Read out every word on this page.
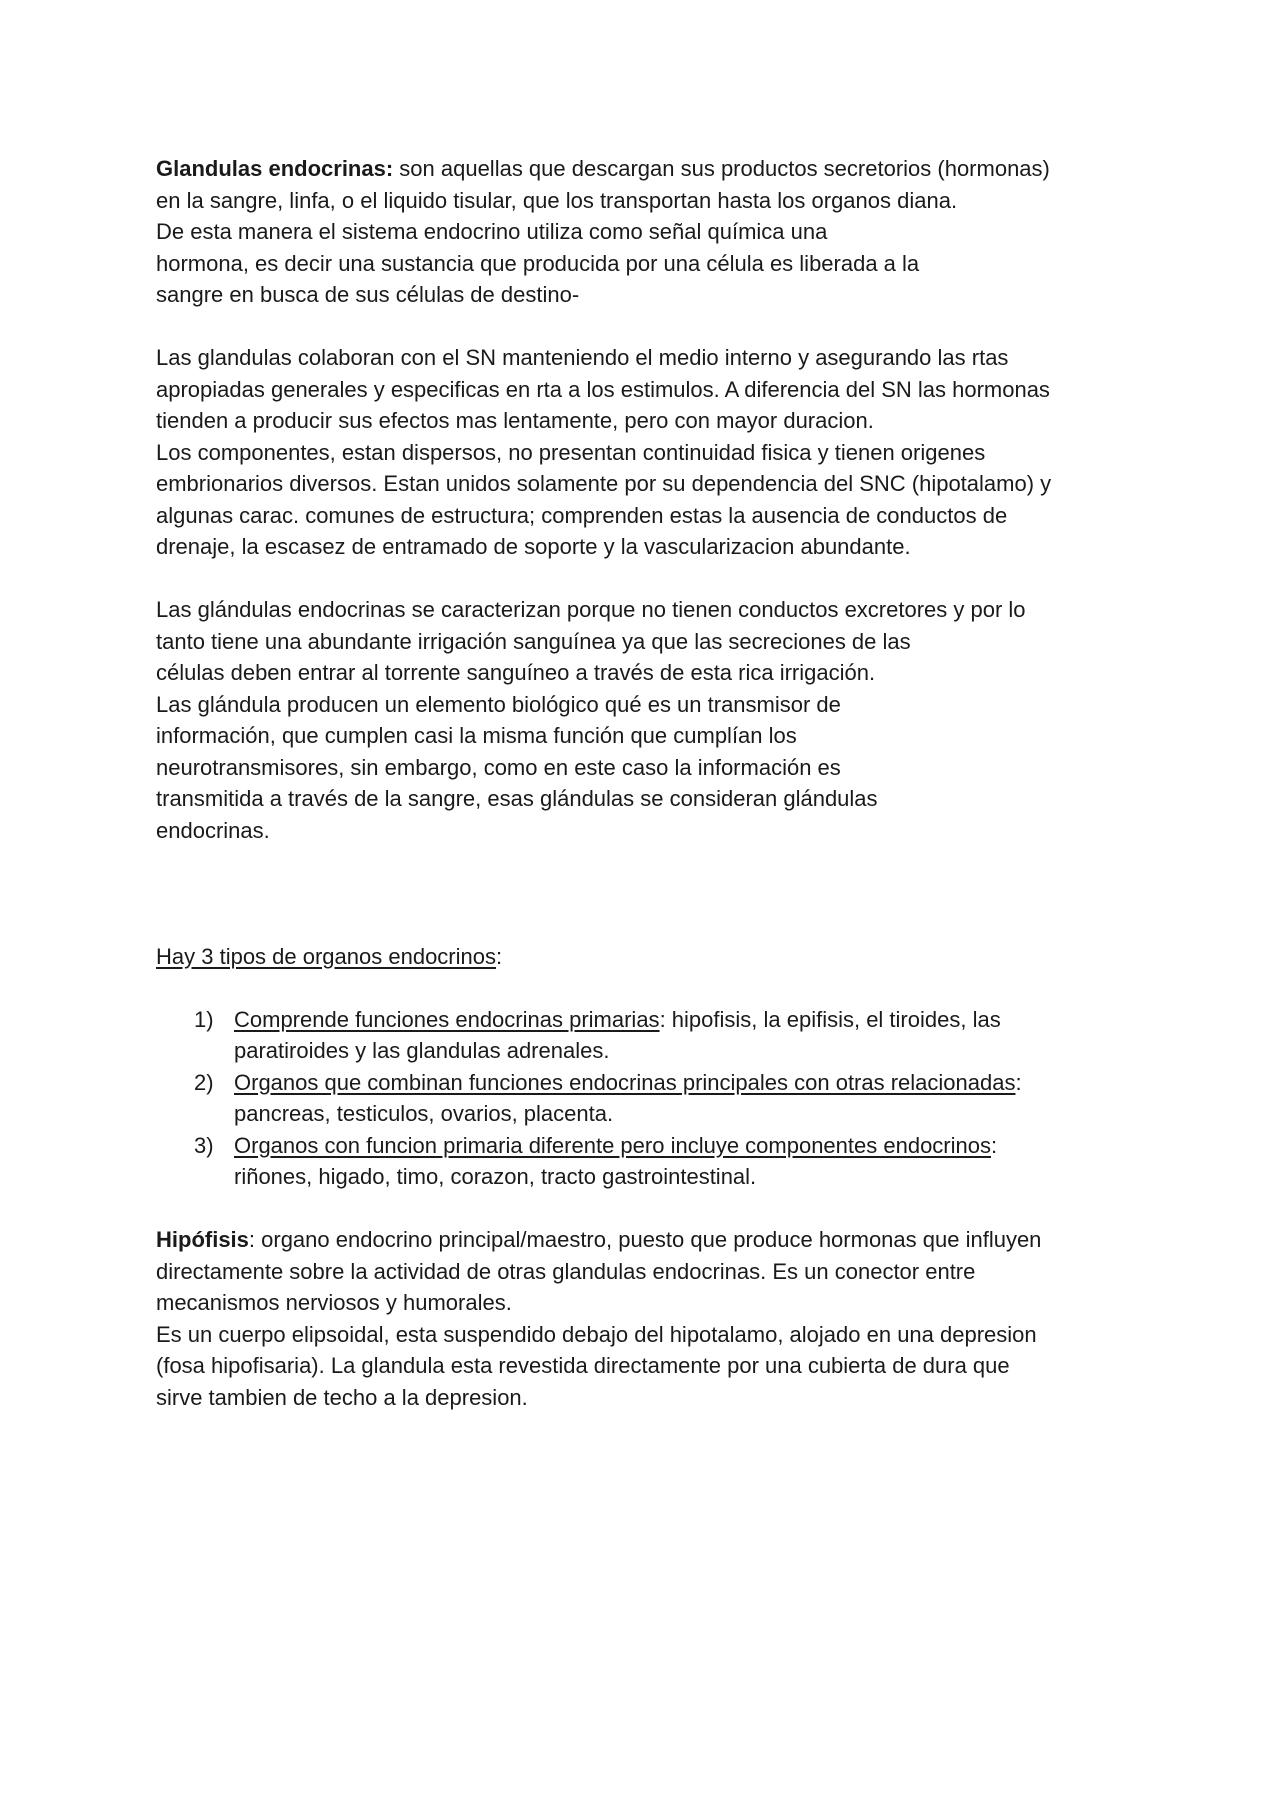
Glandulas endocrinas: son aquellas que descargan sus productos secretorios (hormonas)
en la sangre, linfa, o el liquido tisular, que los transportan hasta los organos diana.
De esta manera el sistema endocrino utiliza como señal química una
hormona, es decir una sustancia que producida por una célula es liberada a la
sangre en busca de sus células de destino-
Las glandulas colaboran con el SN manteniendo el medio interno y asegurando las rtas
apropiadas generales y especificas en rta a los estimulos. A diferencia del SN las hormonas
tienden a producir sus efectos mas lentamente, pero con mayor duracion.
Los componentes, estan dispersos, no presentan continuidad fisica y tienen origenes
embrionarios diversos. Estan unidos solamente por su dependencia del SNC (hipotalamo) y
algunas carac. comunes de estructura; comprenden estas la ausencia de conductos de
drenaje, la escasez de entramado de soporte y la vascularizacion abundante.
Las glándulas endocrinas se caracterizan porque no tienen conductos excretores y por lo
tanto tiene una abundante irrigación sanguínea ya que las secreciones de las
células deben entrar al torrente sanguíneo a través de esta rica irrigación.
Las glándula producen un elemento biológico qué es un transmisor de
información, que cumplen casi la misma función que cumplían los
neurotransmisores, sin embargo, como en este caso la información es
transmitida a través de la sangre, esas glándulas se consideran glándulas
endocrinas.
Hay 3 tipos de organos endocrinos:
1) Comprende funciones endocrinas primarias: hipofisis, la epifisis, el tiroides, las
paratiroides y las glandulas adrenales.
2) Organos que combinan funciones endocrinas principales con otras relacionadas:
pancreas, testiculos, ovarios, placenta.
3) Organos con funcion primaria diferente pero incluye componentes endocrinos:
riñones, higado, timo, corazon, tracto gastrointestinal.
Hipófisis: organo endocrino principal/maestro, puesto que produce hormonas que influyen
directamente sobre la actividad de otras glandulas endocrinas. Es un conector entre
mecanismos nerviosos y humorales.
Es un cuerpo elipsoidal, esta suspendido debajo del hipotalamo, alojado en una depresion
(fosa hipofisaria). La glandula esta revestida directamente por una cubierta de dura que
sirve tambien de techo a la depresion.
